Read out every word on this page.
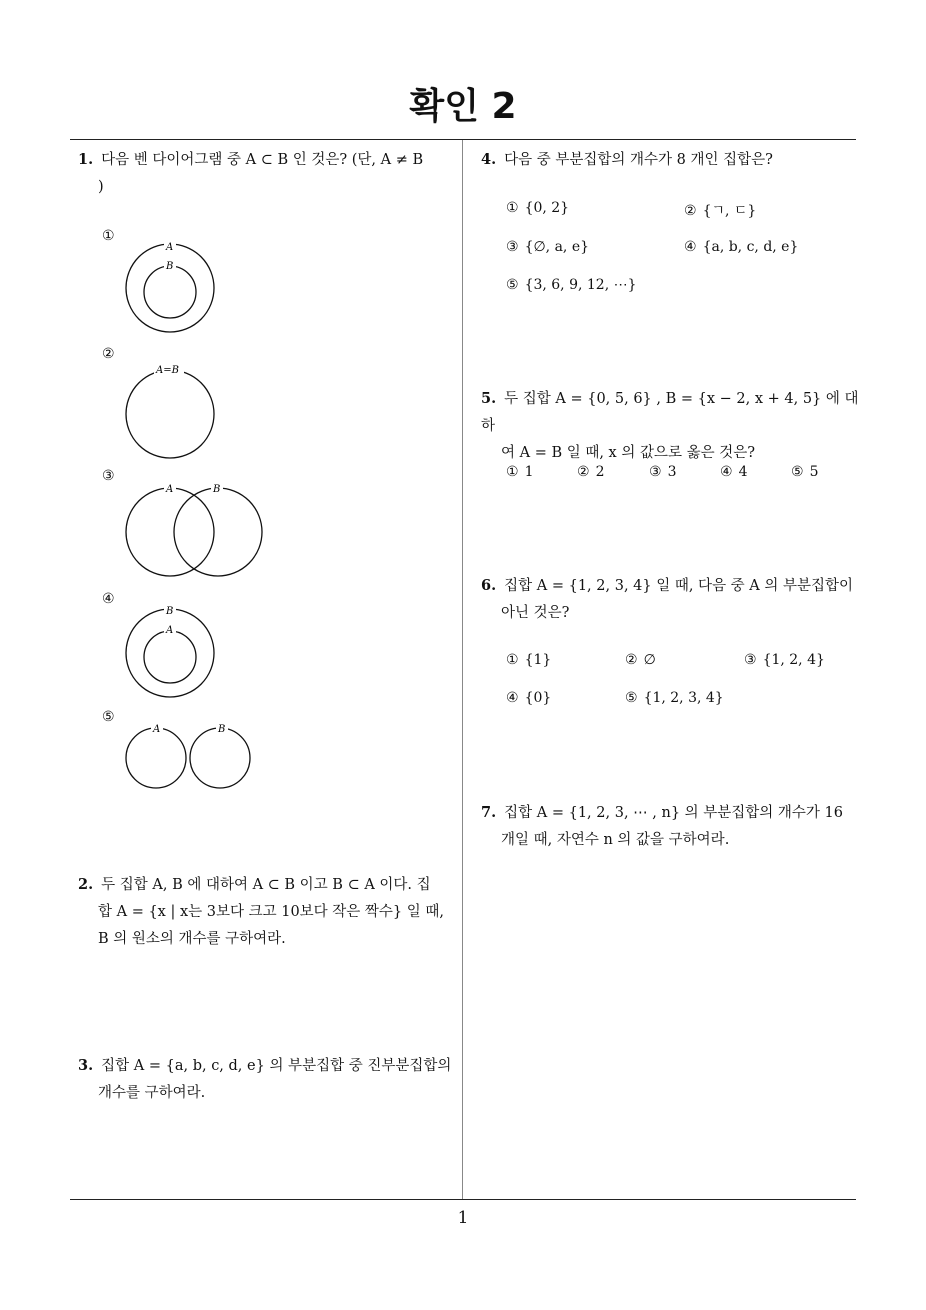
확인 2
1. 다음 벤 다이어그램 중 A ⊂ B 인 것은? (단, A ≠ B
)
①
②
③
④
⑤
A
B
A=B
A	B
B
A
A	B
2. 두 집합 A, B 에 대하여 A ⊂ B 이고 B ⊂ A 이다. 집
합 A = {x | x는 3보다 크고 10보다 작은 짝수} 일 때,
B 의 원소의 개수를 구하여라.
3. 집합 A = {a, b, c, d, e} 의 부분집합 중 진부분집합의
개수를 구하여라.
4. 다음 중 부분집합의 개수가 8 개인 집합은?
① {0, 2}	② {ㄱ, ㄷ}
③ {∅, a, e}	④ {a, b, c, d, e}
⑤ {3, 6, 9, 12, ⋯}
5. 두 집합 A = {0, 5, 6} , B = {x − 2, x + 4, 5} 에 대하
여 A = B 일 때, x 의 값으로 옳은 것은?
① 1	② 2	③ 3	④ 4	⑤ 5
6. 집합 A = {1, 2, 3, 4} 일 때, 다음 중 A 의 부분집합이
아닌 것은?
① {1}	② ∅	③ {1, 2, 4}
④ {0}	⑤ {1, 2, 3, 4}
7. 집합 A = {1, 2, 3, ⋯ , n} 의 부분집합의 개수가 16
개일 때, 자연수 n 의 값을 구하여라.
1
